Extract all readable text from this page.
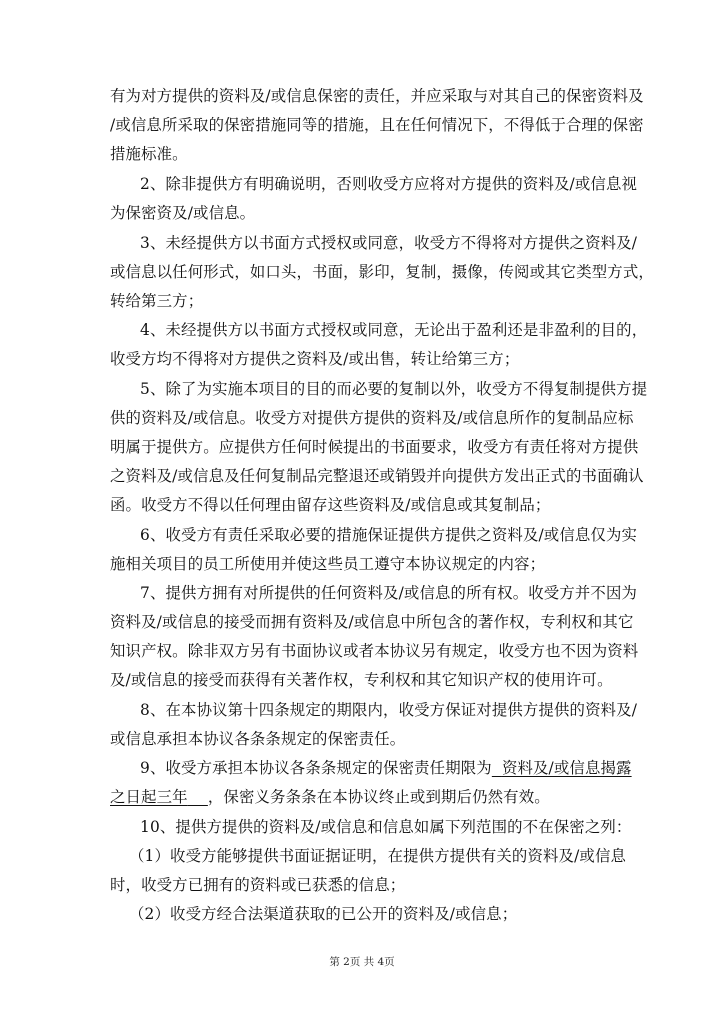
有为对方提供的资料及/或信息保密的责任，并应采取与对其自己的保密资料及
/或信息所采取的保密措施同等的措施，且在任何情况下，不得低于合理的保密
措施标准。
2、除非提供方有明确说明，否则收受方应将对方提供的资料及/或信息视
为保密资及/或信息。
3、未经提供方以书面方式授权或同意，收受方不得将对方提供之资料及/
或信息以任何形式，如口头，书面，影印，复制，摄像，传阅或其它类型方式，
转给第三方；
4、未经提供方以书面方式授权或同意，无论出于盈利还是非盈利的目的，
收受方均不得将对方提供之资料及/或出售，转让给第三方；
5、除了为实施本项目的目的而必要的复制以外，收受方不得复制提供方提
供的资料及/或信息。收受方对提供方提供的资料及/或信息所作的复制品应标
明属于提供方。应提供方任何时候提出的书面要求，收受方有责任将对方提供
之资料及/或信息及任何复制品完整退还或销毁并向提供方发出正式的书面确认
函。收受方不得以任何理由留存这些资料及/或信息或其复制品；
6、收受方有责任采取必要的措施保证提供方提供之资料及/或信息仅为实
施相关项目的员工所使用并使这些员工遵守本协议规定的内容；
7、提供方拥有对所提供的任何资料及/或信息的所有权。收受方并不因为
资料及/或信息的接受而拥有资料及/或信息中所包含的著作权，专利权和其它
知识产权。除非双方另有书面协议或者本协议另有规定，收受方也不因为资料
及/或信息的接受而获得有关著作权，专利权和其它知识产权的使用许可。
8、在本协议第十四条规定的期限内，收受方保证对提供方提供的资料及/
或信息承担本协议各条条规定的保密责任。
9、收受方承担本协议各条条规定的保密责任期限为 资料及/或信息揭露
之日起三年 ，保密义务条条在本协议终止或到期后仍然有效。
10、提供方提供的资料及/或信息和信息如属下列范围的不在保密之列：
（1）收受方能够提供书面证据证明，在提供方提供有关的资料及/或信息
时，收受方已拥有的资料或已获悉的信息；
（2）收受方经合法渠道获取的已公开的资料及/或信息；
第 2页 共 4页
